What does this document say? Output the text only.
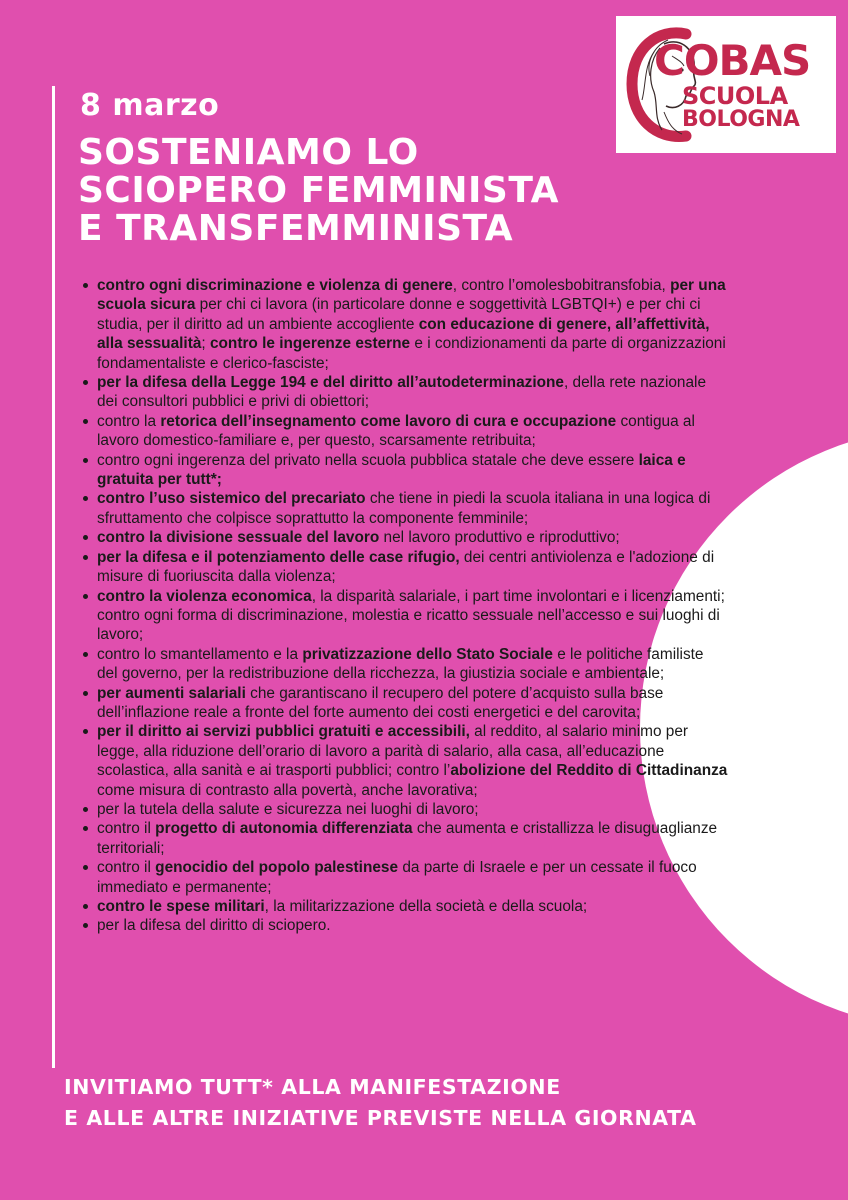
8 marzo
SOSTENIAMO LO
SCIOPERO FEMMINISTA
E TRANSFEMMINISTA
COBAS
SCUOLA
BOLOGNA
contro ogni discriminazione e violenza di genere, contro l’omolesbobitransfobia, per una scuola sicura per chi ci lavora (in particolare donne e soggettività LGBTQI+) e per chi ci studia, per il diritto ad un ambiente accogliente con educazione di genere, all’affettività, alla sessualità; contro le ingerenze esterne e i condizionamenti da parte di organizzazioni fondamentaliste e clerico-fasciste;
per la difesa della Legge 194 e del diritto all’autodeterminazione, della rete nazionale dei consultori pubblici e privi di obiettori;
contro la retorica dell’insegnamento come lavoro di cura e occupazione contigua al lavoro domestico-familiare e, per questo, scarsamente retribuita;
contro ogni ingerenza del privato nella scuola pubblica statale che deve essere laica e gratuita per tutt*;
contro l’uso sistemico del precariato che tiene in piedi la scuola italiana in una logica di sfruttamento che colpisce soprattutto la componente femminile;
contro la divisione sessuale del lavoro nel lavoro produttivo e riproduttivo;
per la difesa e il potenziamento delle case rifugio, dei centri antiviolenza e l'adozione di misure di fuoriuscita dalla violenza;
contro la violenza economica, la disparità salariale, i part time involontari e i licenziamenti; contro ogni forma di discriminazione, molestia e ricatto sessuale nell’accesso e sui luoghi di lavoro;
contro lo smantellamento e la privatizzazione dello Stato Sociale e le politiche familiste del governo, per la redistribuzione della ricchezza, la giustizia sociale e ambientale;
per aumenti salariali che garantiscano il recupero del potere d’acquisto sulla base dell’inflazione reale a fronte del forte aumento dei costi energetici e del carovita;
per il diritto ai servizi pubblici gratuiti e accessibili, al reddito, al salario minimo per legge, alla riduzione dell’orario di lavoro a parità di salario, alla casa, all’educazione scolastica, alla sanità e ai trasporti pubblici; contro l’abolizione del Reddito di Cittadinanza come misura di contrasto alla povertà, anche lavorativa;
per la tutela della salute e sicurezza nei luoghi di lavoro;
contro il progetto di autonomia differenziata che aumenta e cristallizza le disuguaglianze territoriali;
contro il genocidio del popolo palestinese da parte di Israele e per un cessate il fuoco immediato e permanente;
contro le spese militari, la militarizzazione della società e della scuola;
per la difesa del diritto di sciopero.

INVITIAMO TUTT* ALLA MANIFESTAZIONE
E ALLE ALTRE INIZIATIVE PREVISTE NELLA GIORNATA
